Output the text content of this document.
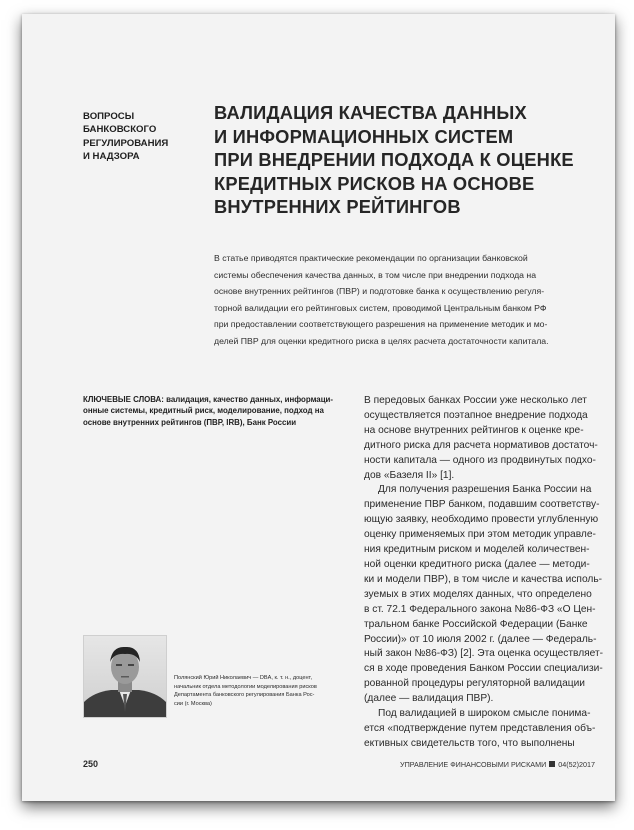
ВОПРОСЫ БАНКОВСКОГО
РЕГУЛИРОВАНИЯ
И НАДЗОРА
ВАЛИДАЦИЯ КАЧЕСТВА ДАННЫХ
И ИНФОРМАЦИОННЫХ СИСТЕМ
ПРИ ВНЕДРЕНИИ ПОДХОДА К ОЦЕНКЕ
КРЕДИТНЫХ РИСКОВ НА ОСНОВЕ
ВНУТРЕННИХ РЕЙТИНГОВ
В статье приводятся практические рекомендации по организации банковской
системы обеспечения качества данных, в том числе при внедрении подхода на
основе внутренних рейтингов (ПВР) и подготовке банка к осуществлению регуля-
торной валидации его рейтинговых систем, проводимой Центральным банком РФ
при предоставлении соответствующего разрешения на применение методик и мо-
делей ПВР для оценки кредитного риска в целях расчета достаточности капитала.
КЛЮЧЕВЫЕ СЛОВА: валидация, качество данных, информаци-
онные системы, кредитный риск, моделирование, подход на
основе внутренних рейтингов (ПВР, IRB), Банк России
Полянский Юрий Николаевич — DBA, к. т. н., доцент,
начальник отдела методологии моделирования рисков
Департамента банковского регулирования Банка Рос-
сии (г. Москва)
В передовых банках России уже несколько лет
осуществляется поэтапное внедрение подхода
на основе внутренних рейтингов к оценке кре-
дитного риска для расчета нормативов достаточ-
ности капитала — одного из продвинутых подхо-
дов «Базеля II» [1].
Для получения разрешения Банка России на
применение ПВР банком, подавшим соответству-
ющую заявку, необходимо провести углубленную
оценку применяемых при этом методик управле-
ния кредитным риском и моделей количествен-
ной оценки кредитного риска (далее — методи-
ки и модели ПВР), в том числе и качества исполь-
зуемых в этих моделях данных, что определено
в ст. 72.1 Федерального закона №86-ФЗ «О Цен-
тральном банке Российской Федерации (Банке
России)» от 10 июля 2002 г. (далее — Федераль-
ный закон №86-ФЗ) [2]. Эта оценка осуществляет-
ся в ходе проведения Банком России специализи-
рованной процедуры регуляторной валидации
(далее — валидация ПВР).
Под валидацией в широком смысле понима-
ется «подтверждение путем представления объ-
ективных свидетельств того, что выполнены
250	УПРАВЛЕНИЕ ФИНАНСОВЫМИ РИСКАМИ 04(52)2017
